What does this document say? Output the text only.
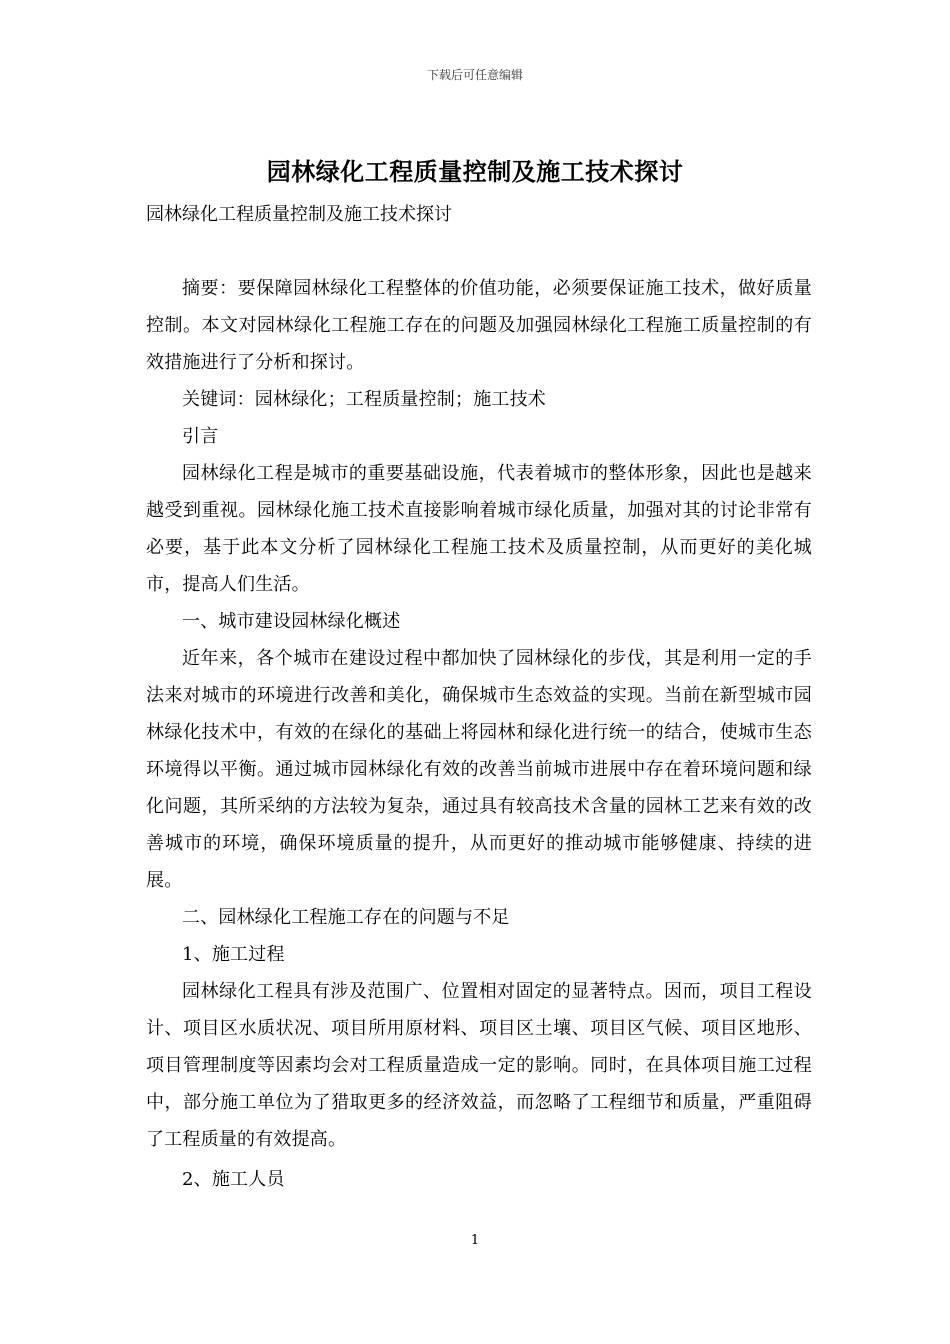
下载后可任意编辑
园林绿化工程质量控制及施工技术探讨

园林绿化工程质量控制及施工技术探讨

摘要：要保障园林绿化工程整体的价值功能，必须要保证施工技术，做好质量控制。本文对园林绿化工程施工存在的问题及加强园林绿化工程施工质量控制的有效措施进行了分析和探讨。

关键词：园林绿化；工程质量控制；施工技术

引言

园林绿化工程是城市的重要基础设施，代表着城市的整体形象，因此也是越来越受到重视。园林绿化施工技术直接影响着城市绿化质量，加强对其的讨论非常有必要，基于此本文分析了园林绿化工程施工技术及质量控制，从而更好的美化城市，提高人们生活。

一、城市建设园林绿化概述

近年来，各个城市在建设过程中都加快了园林绿化的步伐，其是利用一定的手法来对城市的环境进行改善和美化，确保城市生态效益的实现。当前在新型城市园林绿化技术中，有效的在绿化的基础上将园林和绿化进行统一的结合，使城市生态环境得以平衡。通过城市园林绿化有效的改善当前城市进展中存在着环境问题和绿化问题，其所采纳的方法较为复杂，通过具有较高技术含量的园林工艺来有效的改善城市的环境，确保环境质量的提升，从而更好的推动城市能够健康、持续的进展。

二、园林绿化工程施工存在的问题与不足

1、施工过程

园林绿化工程具有涉及范围广、位置相对固定的显著特点。因而，项目工程设计、项目区水质状况、项目所用原材料、项目区土壤、项目区气候、项目区地形、项目管理制度等因素均会对工程质量造成一定的影响。同时，在具体项目施工过程中，部分施工单位为了猎取更多的经济效益，而忽略了工程细节和质量，严重阻碍了工程质量的有效提高。

2、施工人员

1
